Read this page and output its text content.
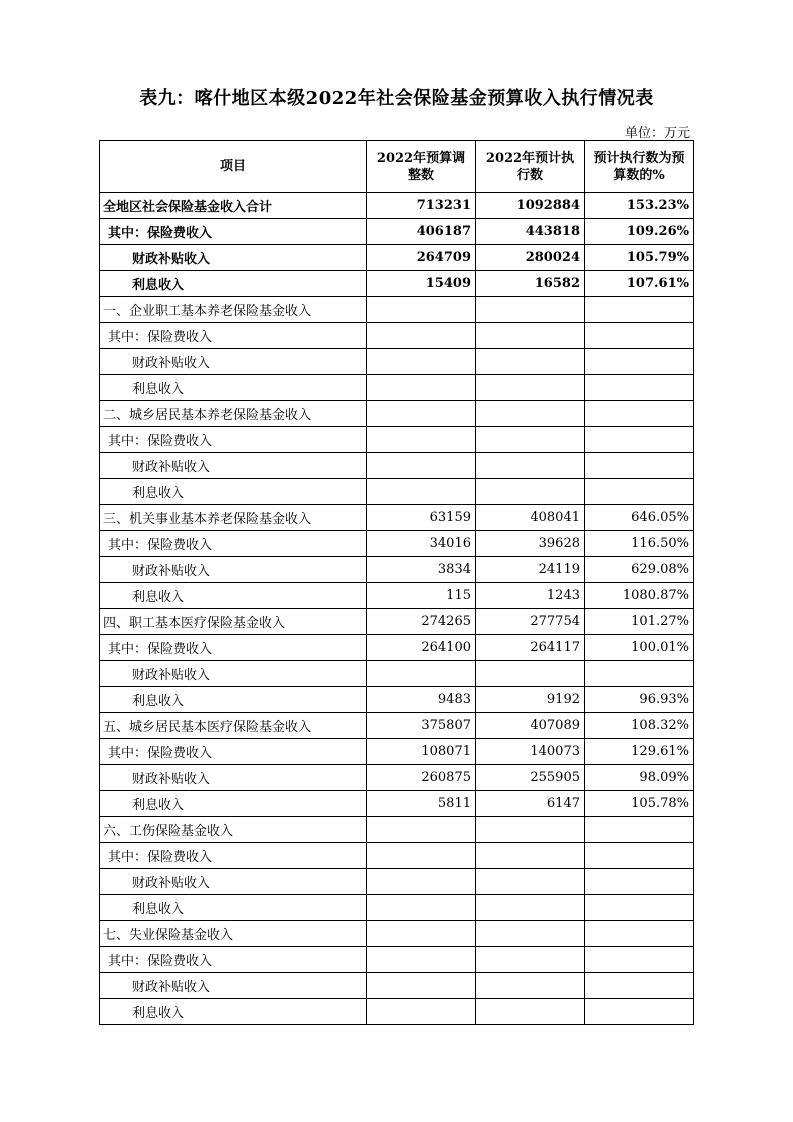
表九：喀什地区本级2022年社会保险基金预算收入执行情况表
单位：万元
项目	2022年预算调整数	2022年预计执行数	预计执行数为预算数的%
全地区社会保险基金收入合计	713231	1092884	153.23%
其中：保险费收入	406187	443818	109.26%
财政补贴收入	264709	280024	105.79%
利息收入	15409	16582	107.61%
一、企业职工基本养老保险基金收入			
其中：保险费收入			
财政补贴收入			
利息收入			
二、城乡居民基本养老保险基金收入			
其中：保险费收入			
财政补贴收入			
利息收入			
三、机关事业基本养老保险基金收入	63159	408041	646.05%
其中：保险费收入	34016	39628	116.50%
财政补贴收入	3834	24119	629.08%
利息收入	115	1243	1080.87%
四、职工基本医疗保险基金收入	274265	277754	101.27%
其中：保险费收入	264100	264117	100.01%
财政补贴收入			
利息收入	9483	9192	96.93%
五、城乡居民基本医疗保险基金收入	375807	407089	108.32%
其中：保险费收入	108071	140073	129.61%
财政补贴收入	260875	255905	98.09%
利息收入	5811	6147	105.78%
六、工伤保险基金收入			
其中：保险费收入			
财政补贴收入			
利息收入			
七、失业保险基金收入			
其中：保险费收入			
财政补贴收入			
利息收入			
